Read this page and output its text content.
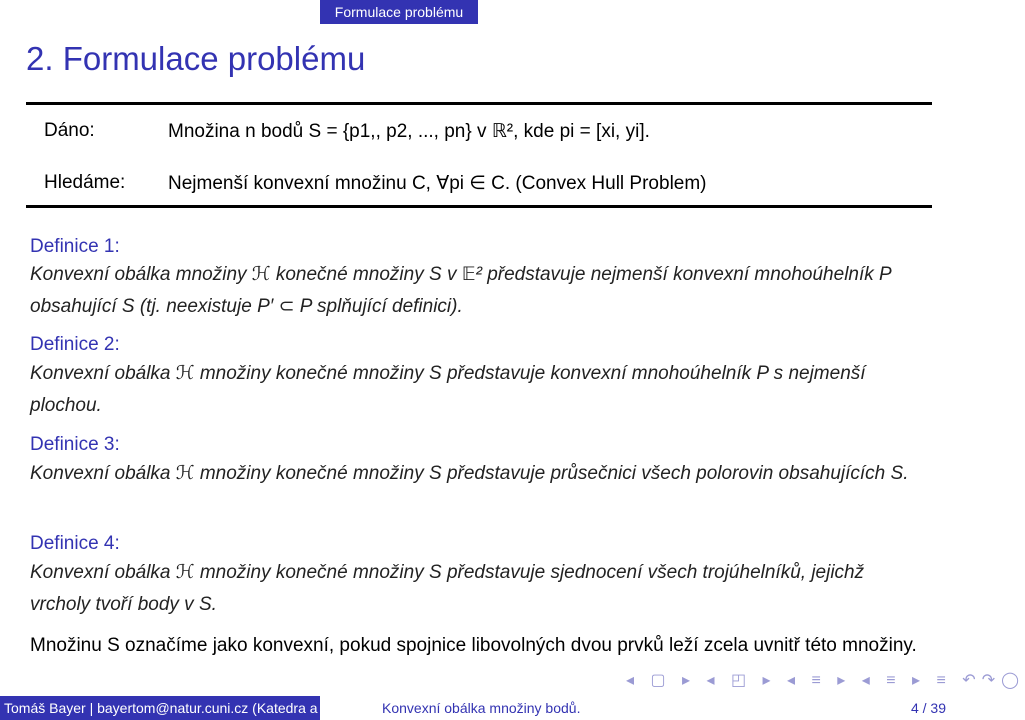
Formulace problému
2. Formulace problému
Dáno:	Množina n bodů S = {p1,, p2, ..., pn} v ℝ², kde pi = [xi, yi].
Hledáme: Nejmenší konvexní množinu C, ∀pi ∈ C. (Convex Hull Problem)
Definice 1:
Konvexní obálka množiny ℋ konečné množiny S v 𝔼² představuje nejmenší konvexní mnohoúhelník P obsahující S (tj. neexistuje P′ ⊂ P splňující definici).
Definice 2:
Konvexní obálka ℋ množiny konečné množiny S představuje konvexní mnohoúhelník P s nejmenší plochou.
Definice 3:
Konvexní obálka ℋ množiny konečné množiny S představuje průsečnici všech polorovin obsahujících S.
Definice 4:
Konvexní obálka ℋ množiny konečné množiny S představuje sjednocení všech trojúhelníků, jejichž vrcholy tvoří body v S.
Množinu S označíme jako konvexní, pokud spojnice libovolných dvou prvků leží zcela uvnitř této množiny.
◂ ▢ ▸ ◂ ◰ ▸ ◂ ≡ ▸ ◂ ≡ ▸ ≡ ↶↷◯
Tomáš Bayer | bayertom@natur.cuni.cz (Katedra a	Konvexní obálka množiny bodů.	4 / 39
